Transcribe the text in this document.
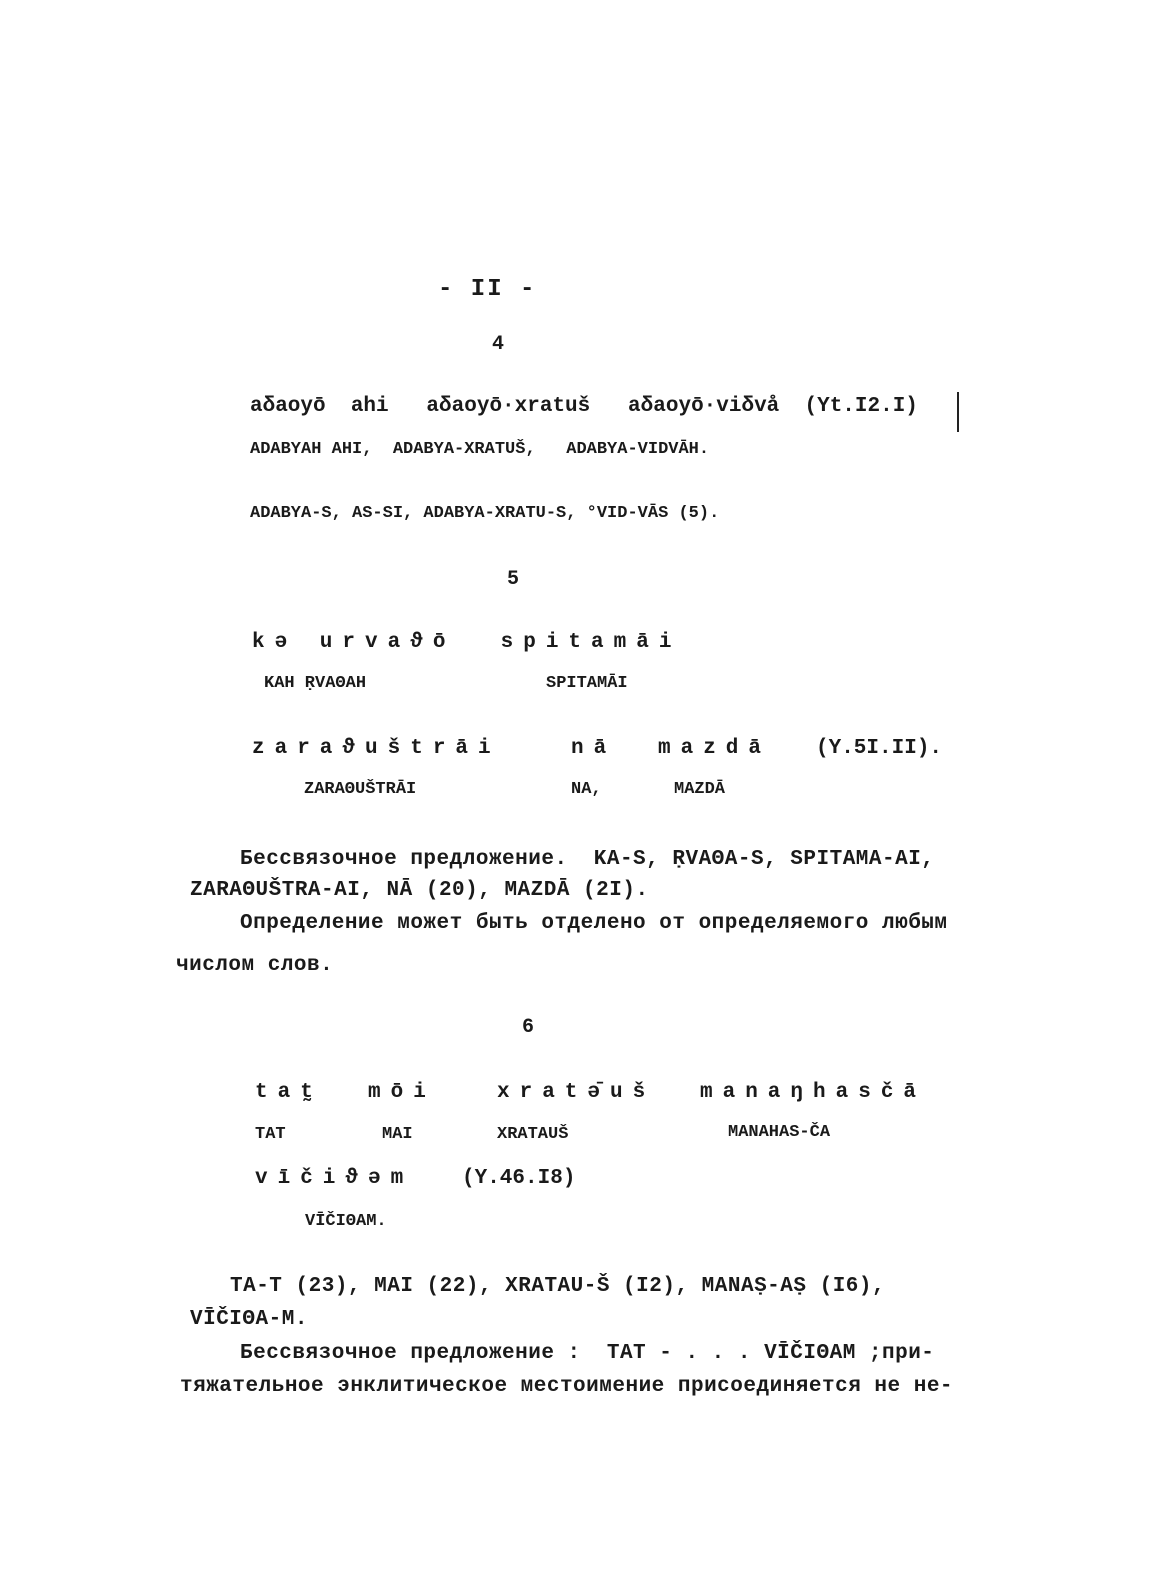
- II -
4
aδaoyō  ahi   aδaoyō·xratuš   aδaoyō·viδvå  (Yt.I2.I)
ADABYAH AHI,  ADABYA-XRATUŠ,   ADABYA-VIDVĀH.
ADABYA-S, AS-SI, ADABYA-XRATU-S, °VID-VĀS (5).
5
kə urvaϑō  spitamāi
KAH ṚVAΘAH	SPITAMĀI
zaraϑuštrāi	nā mazdā (Y.5I.II).
ZARAΘUŠTRĀI	NA,	MAZDĀ
Бессвязочное предложение.  KA-S, ṚVAΘA-S, SPITAMA-AI,
ZARAΘUŠTRA-AI, NĀ (20), MAZDĀ (2I).
Определение может быть отделено от определяемого любым
числом слов.
6
tat̰ mōi	xratə̄uš manaŋhasčā
TAT	MAI	XRATAUŠ	MANAHAS-ČA
vīčiϑəm (Y.46.I8)
VĪČIΘAM.
TA-T (23), MAI (22), XRATAU-Š (I2), MANAṢ-AṢ (I6),
VĪČIΘA-M.
Бессвязочное предложение :  TAT - . . . VĪČIΘAM ;при-
тяжательное энклитическое местоимение присоединяется не не-
